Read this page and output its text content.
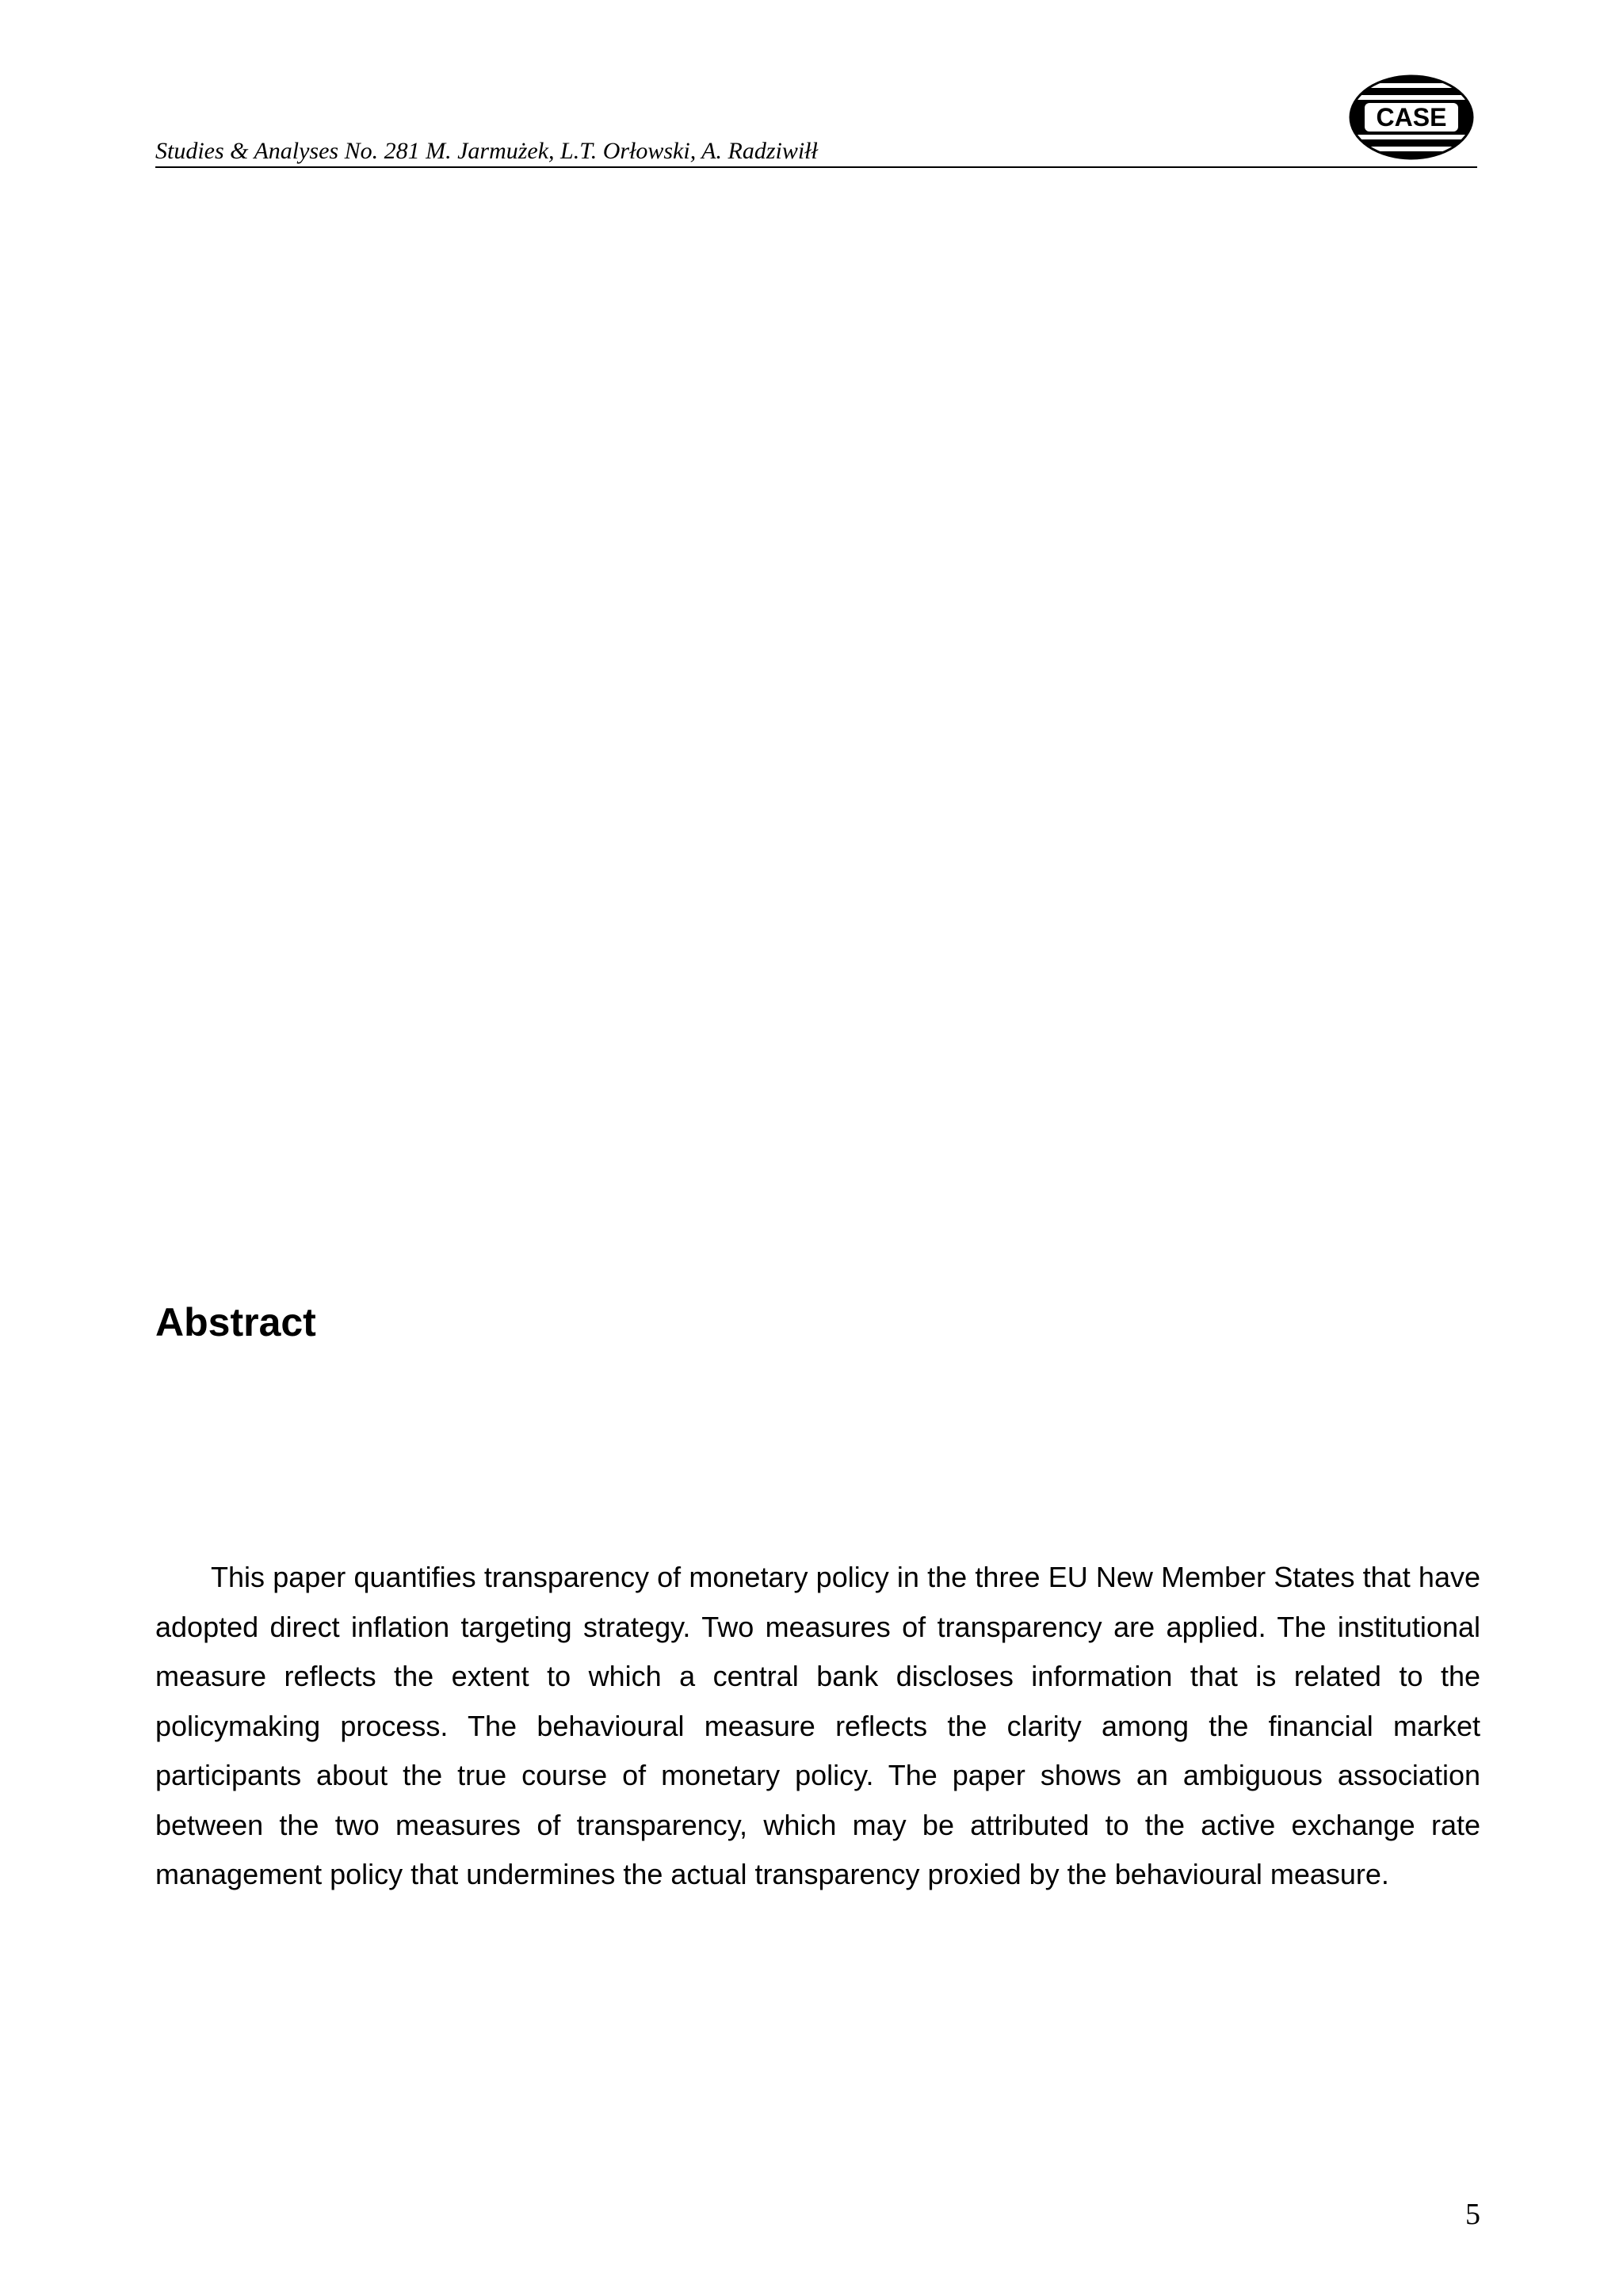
Studies & Analyses No. 281 M. Jarmużek, L.T. Orłowski, A. Radziwiłł
CASE
Abstract

This paper quantifies transparency of monetary policy in the three EU New Member States that have adopted direct inflation targeting strategy. Two measures of transparency are applied. The institutional measure reflects the extent to which a central bank discloses information that is related to the policymaking process. The behavioural measure reflects the clarity among the financial market participants about the true course of monetary policy. The paper shows an ambiguous association between the two measures of transparency, which may be attributed to the active exchange rate management policy that undermines the actual transparency proxied by the behavioural measure.

5
